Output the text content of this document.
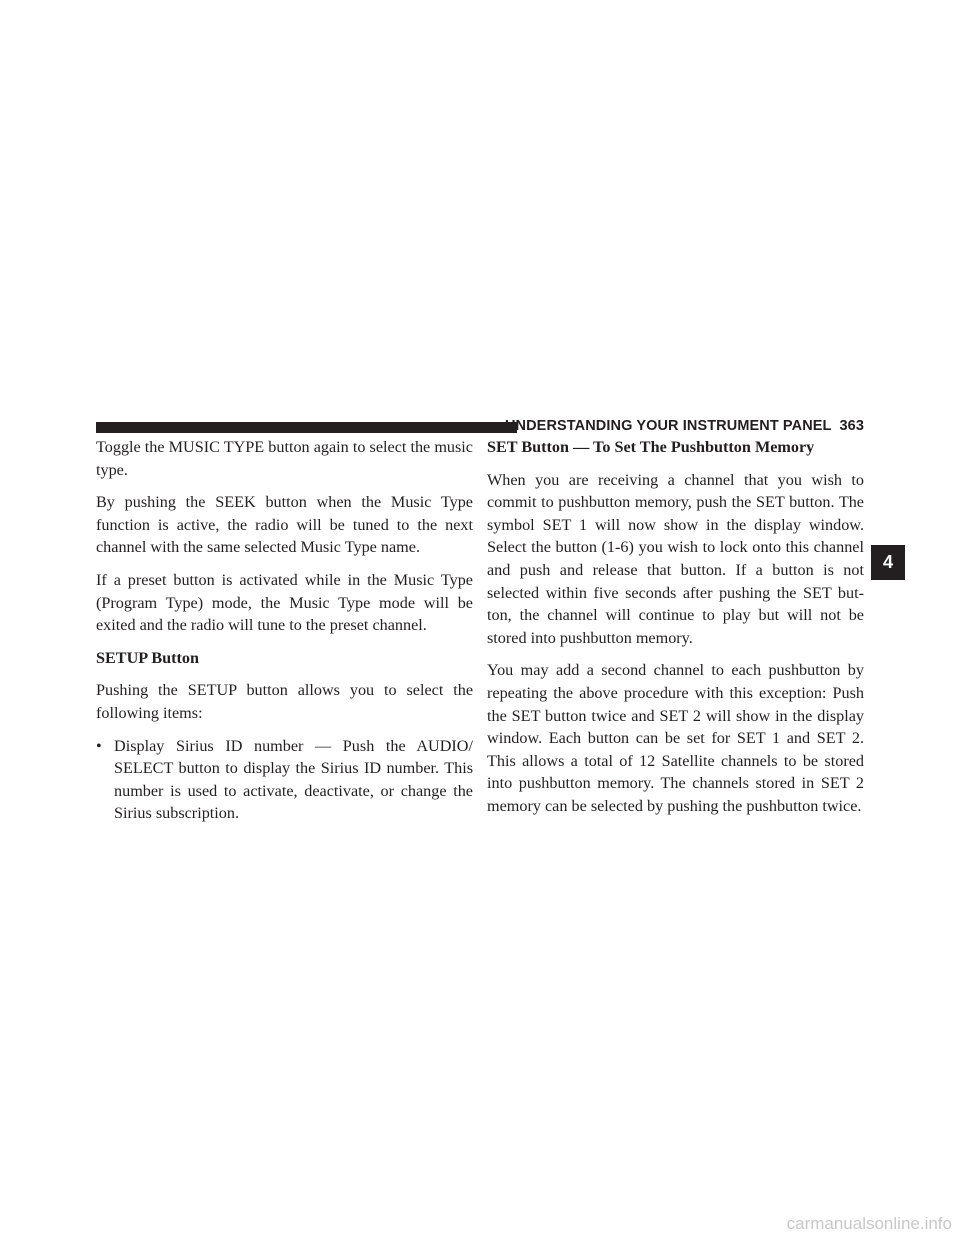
UNDERSTANDING YOUR INSTRUMENT PANEL 363

Toggle the MUSIC TYPE button again to select the music type.

By pushing the SEEK button when the Music Type function is active, the radio will be tuned to the next channel with the same selected Music Type name.

If a preset button is activated while in the Music Type (Program Type) mode, the Music Type mode will be exited and the radio will tune to the preset channel.

SETUP Button

Pushing the SETUP button allows you to select the following items:

• Display Sirius ID number — Push the AUDIO/ SELECT button to display the Sirius ID number. This number is used to activate, deactivate, or change the Sirius subscription.
SET Button — To Set The Pushbutton Memory

When you are receiving a channel that you wish to commit to pushbutton memory, push the SET button. The symbol SET 1 will now show in the display window. Select the button (1-6) you wish to lock onto this channel and push and release that button. If a button is not selected within five seconds after pushing the SET but- ton, the channel will continue to play but will not be stored into pushbutton memory.

You may add a second channel to each pushbutton by repeating the above procedure with this exception: Push the SET button twice and SET 2 will show in the display window. Each button can be set for SET 1 and SET 2. This allows a total of 12 Satellite channels to be stored into pushbutton memory. The channels stored in SET 2 memory can be selected by pushing the pushbutton twice.

4
carmanualsonline.info
